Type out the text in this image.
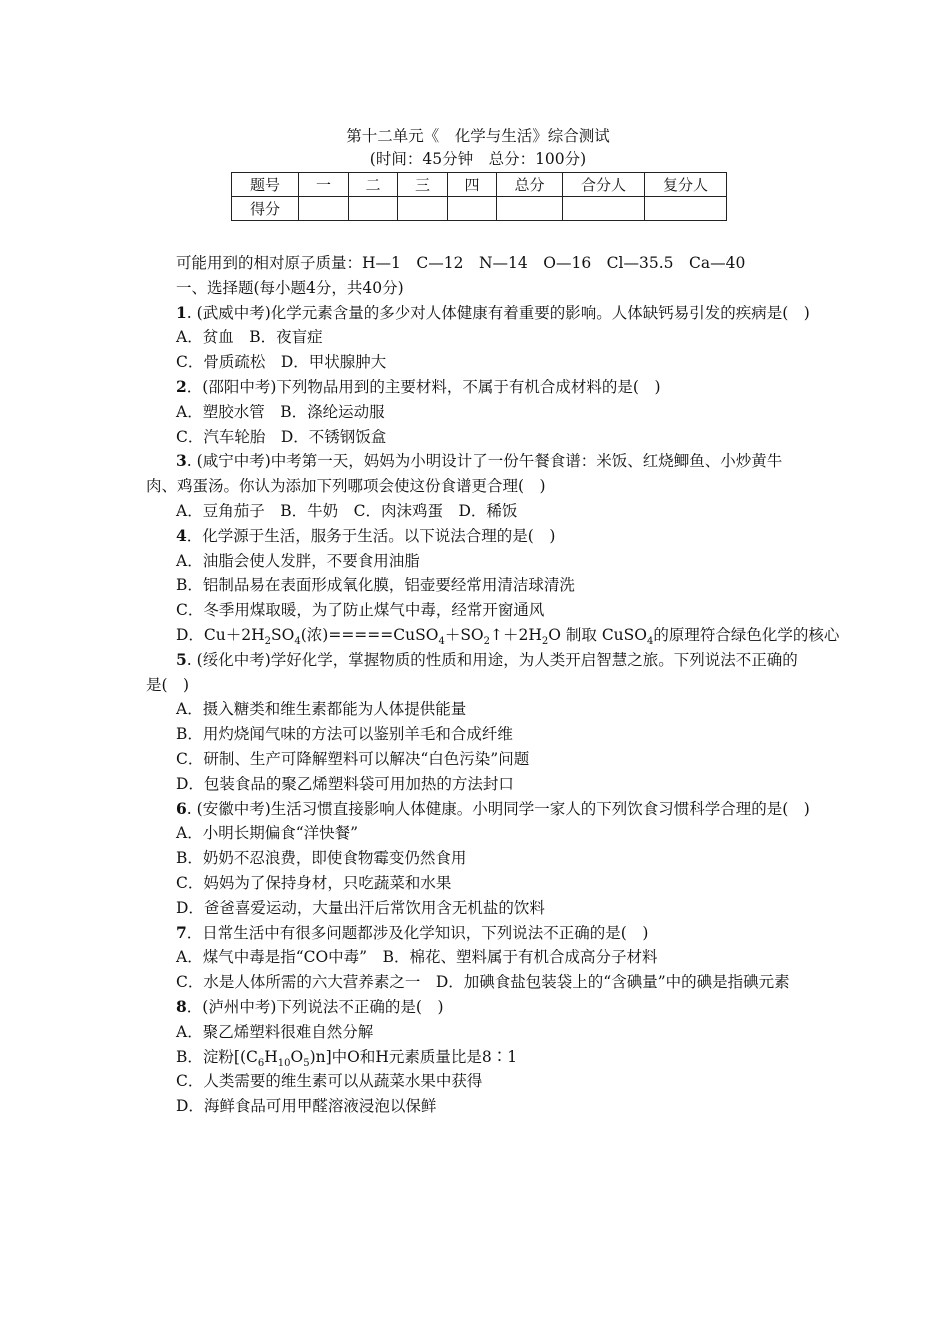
第十二单元《　化学与生活》综合测试
(时间：45分钟　总分：100分)
题号	一	二	三	四	总分	合分人	复分人
得分							

可能用到的相对原子质量：H—1　C—12　N—14　O—16　Cl—35.5　Ca—40

一、选择题(每小题4分，共40分)

1. (武威中考)化学元素含量的多少对人体健康有着重要的影响。人体缺钙易引发的疾病是(　)

A．贫血　B．夜盲症

C．骨质疏松　D．甲状腺肿大

2．(邵阳中考)下列物品用到的主要材料，不属于有机合成材料的是(　)

A．塑胶水管　B．涤纶运动服

C．汽车轮胎　D．不锈钢饭盒

3. (咸宁中考)中考第一天，妈妈为小明设计了一份午餐食谱：米饭、红烧鲫鱼、小炒黄牛肉、鸡蛋汤。你认为添加下列哪项会使这份食谱更合理(　)

A．豆角茄子　B．牛奶　C．肉沫鸡蛋　D．稀饭

4．化学源于生活，服务于生活。以下说法合理的是(　)

A．油脂会使人发胖，不要食用油脂

B．铝制品易在表面形成氧化膜，铝壶要经常用清洁球清洗

C．冬季用煤取暖，为了防止煤气中毒，经常开窗通风

D．$Cu+2H_2SO_4$(浓)$=====CuSO_4+SO_2↑+2H_2O$ 制取 CuSO$_4$的原理符合绿色化学的核心

5. (绥化中考)学好化学，掌握物质的性质和用途，为人类开启智慧之旅。下列说法不正确的是(　)

A．摄入糖类和维生素都能为人体提供能量

B．用灼烧闻气味的方法可以鉴别羊毛和合成纤维

C．研制、生产可降解塑料可以解决“白色污染”问题

D．包装食品的聚乙烯塑料袋可用加热的方法封口

6. (安徽中考)生活习惯直接影响人体健康。小明同学一家人的下列饮食习惯科学合理的是(　)

A．小明长期偏食“洋快餐”

B．奶奶不忍浪费，即使食物霉变仍然食用

C．妈妈为了保持身材，只吃蔬菜和水果

D．爸爸喜爱运动，大量出汗后常饮用含无机盐的饮料

7．日常生活中有很多问题都涉及化学知识，下列说法不正确的是(　)

A．煤气中毒是指“CO中毒”　B．棉花、塑料属于有机合成高分子材料

C．水是人体所需的六大营养素之一　D．加碘食盐包装袋上的“含碘量”中的碘是指碘元素

8．(泸州中考)下列说法不正确的是(　)

A．聚乙烯塑料很难自然分解

B．淀粉$[(C_6H_{10}O_5)n]$中O和H元素质量比是8∶1

C．人类需要的维生素可以从蔬菜水果中获得

D．海鲜食品可用甲醛溶液浸泡以保鲜
